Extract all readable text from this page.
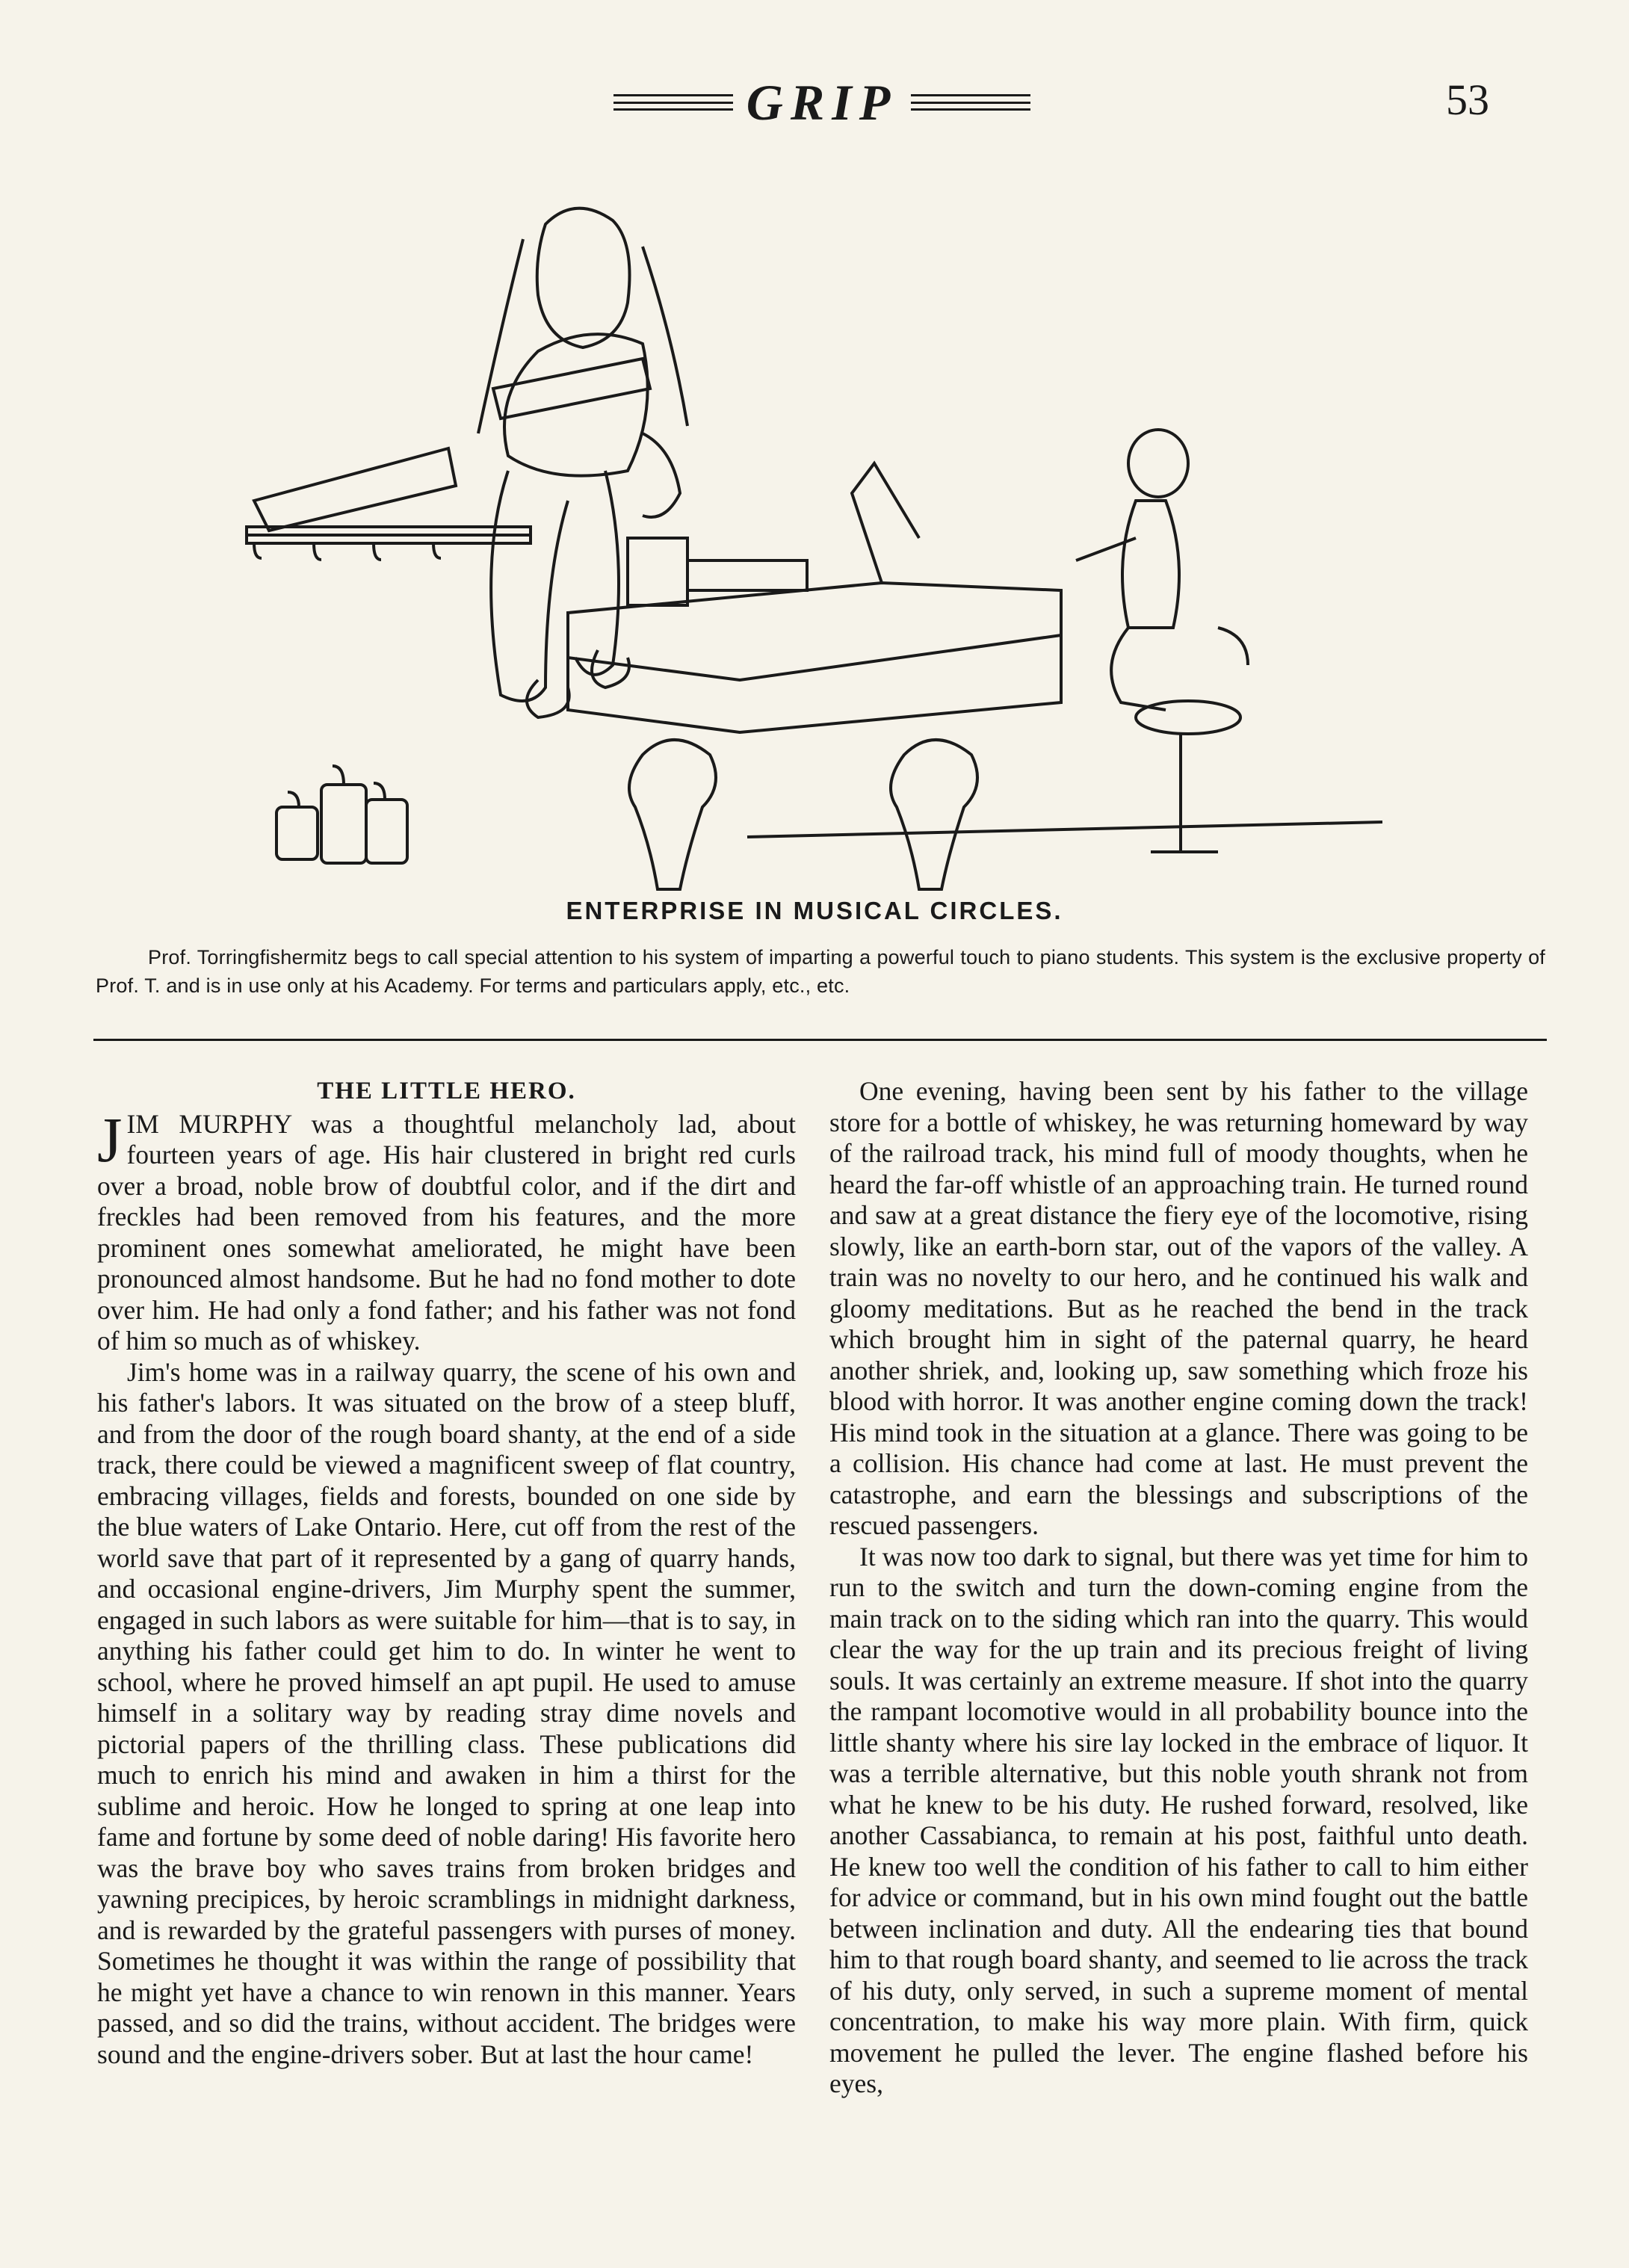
GRIP	53
ENTERPRISE IN MUSICAL CIRCLES.
Prof. Torringfishermitz begs to call special attention to his system of imparting a powerful touch to piano students. This system is the exclusive property of Prof. T. and is in use only at his Academy. For terms and particulars apply, etc., etc.
THE LITTLE HERO.

JIM MURPHY was a thoughtful melancholy lad, about fourteen years of age. His hair clustered in bright red curls over a broad, noble brow of doubtful color, and if the dirt and freckles had been removed from his features, and the more prominent ones somewhat ameliorated, he might have been pronounced almost handsome. But he had no fond mother to dote over him. He had only a fond father; and his father was not fond of him so much as of whiskey.

Jim's home was in a railway quarry, the scene of his own and his father's labors. It was situated on the brow of a steep bluff, and from the door of the rough board shanty, at the end of a side track, there could be viewed a magnificent sweep of flat country, embracing villages, fields and forests, bounded on one side by the blue waters of Lake Ontario. Here, cut off from the rest of the world save that part of it represented by a gang of quarry hands, and occasional engine-drivers, Jim Murphy spent the summer, engaged in such labors as were suitable for him—that is to say, in anything his father could get him to do. In winter he went to school, where he proved himself an apt pupil. He used to amuse himself in a solitary way by reading stray dime novels and pictorial papers of the thrilling class. These publications did much to enrich his mind and awaken in him a thirst for the sublime and heroic. How he longed to spring at one leap into fame and fortune by some deed of noble daring! His favorite hero was the brave boy who saves trains from broken bridges and yawning precipices, by heroic scramblings in midnight darkness, and is rewarded by the grateful passengers with purses of money. Sometimes he thought it was within the range of possibility that he might yet have a chance to win renown in this manner. Years passed, and so did the trains, without accident. The bridges were sound and the engine-drivers sober. But at last the hour came!

One evening, having been sent by his father to the village store for a bottle of whiskey, he was returning homeward by way of the railroad track, his mind full of moody thoughts, when he heard the far-off whistle of an approaching train. He turned round and saw at a great distance the fiery eye of the locomotive, rising slowly, like an earth-born star, out of the vapors of the valley. A train was no novelty to our hero, and he continued his walk and gloomy meditations. But as he reached the bend in the track which brought him in sight of the paternal quarry, he heard another shriek, and, looking up, saw something which froze his blood with horror. It was another engine coming down the track! His mind took in the situation at a glance. There was going to be a collision. His chance had come at last. He must prevent the catastrophe, and earn the blessings and subscriptions of the rescued passengers.

It was now too dark to signal, but there was yet time for him to run to the switch and turn the down-coming engine from the main track on to the siding which ran into the quarry. This would clear the way for the up train and its precious freight of living souls. It was certainly an extreme measure. If shot into the quarry the rampant locomotive would in all probability bounce into the little shanty where his sire lay locked in the embrace of liquor. It was a terrible alternative, but this noble youth shrank not from what he knew to be his duty. He rushed forward, resolved, like another Cassabianca, to remain at his post, faithful unto death. He knew too well the condition of his father to call to him either for advice or command, but in his own mind fought out the battle between inclination and duty. All the endearing ties that bound him to that rough board shanty, and seemed to lie across the track of his duty, only served, in such a supreme moment of mental concentration, to make his way more plain. With firm, quick movement he pulled the lever. The engine flashed before his eyes,
